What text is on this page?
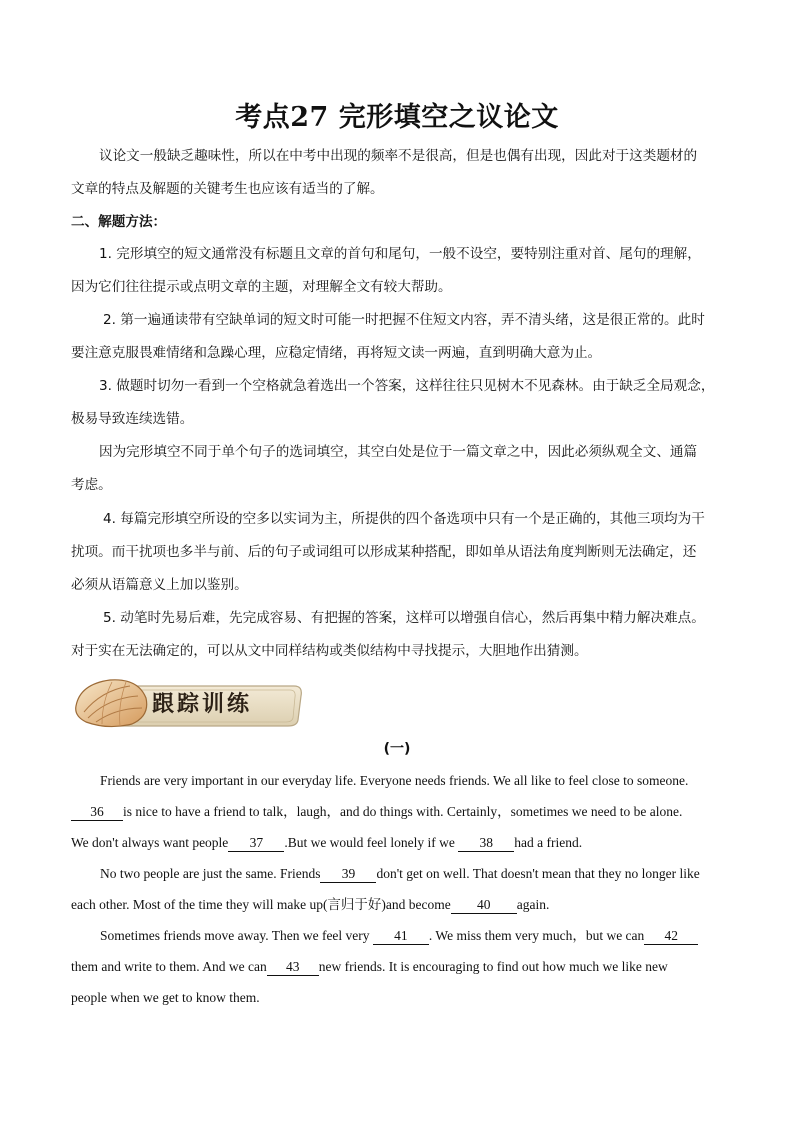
考点27 完形填空之议论文

议论文一般缺乏趣味性，所以在中考中出现的频率不是很高，但是也偶有出现，因此对于这类题材的
文章的特点及解题的关键考生也应该有适当的了解。

二、解题方法：

1. 完形填空的短文通常没有标题且文章的首句和尾句，一般不设空，要特别注重对首、尾句的理解，
因为它们往往提示或点明文章的主题，对理解全文有较大帮助。

2. 第一遍通读带有空缺单词的短文时可能一时把握不住短文内容，弄不清头绪，这是很正常的。此时
要注意克服畏难情绪和急躁心理，应稳定情绪，再将短文读一两遍，直到明确大意为止。

3. 做题时切勿一看到一个空格就急着选出一个答案，这样往往只见树木不见森林。由于缺乏全局观念，
极易导致连续选错。

因为完形填空不同于单个句子的选词填空，其空白处是位于一篇文章之中，因此必须纵观全文、通篇
考虑。

4. 每篇完形填空所设的空多以实词为主，所提供的四个备选项中只有一个是正确的，其他三项均为干
扰项。而干扰项也多半与前、后的句子或词组可以形成某种搭配，即如单从语法角度判断则无法确定，还
必须从语篇意义上加以鉴别。

5. 动笔时先易后难，先完成容易、有把握的答案，这样可以增强自信心，然后再集中精力解决难点。
对于实在无法确定的，可以从文中同样结构或类似结构中寻找提示，大胆地作出猜测。

跟踪训练
(一)
Friends are very important in our everyday life. Everyone needs friends. We all like to feel close to someone.
36 is nice to have a friend to talk，laugh，and do things with. Certainly，sometimes we need to be alone.
We don't always want people 37 .But we would feel lonely if we 38 had a friend.
No two people are just the same. Friends 39 don't get on well. That doesn't mean that they no longer like
each other. Most of the time they will make up(言归于好)and become 40 again.
Sometimes friends move away. Then we feel very 41 . We miss them very much，but we can 42
them and write to them. And we can 43 new friends. It is encouraging to find out how much we like new
people when we get to know them.
